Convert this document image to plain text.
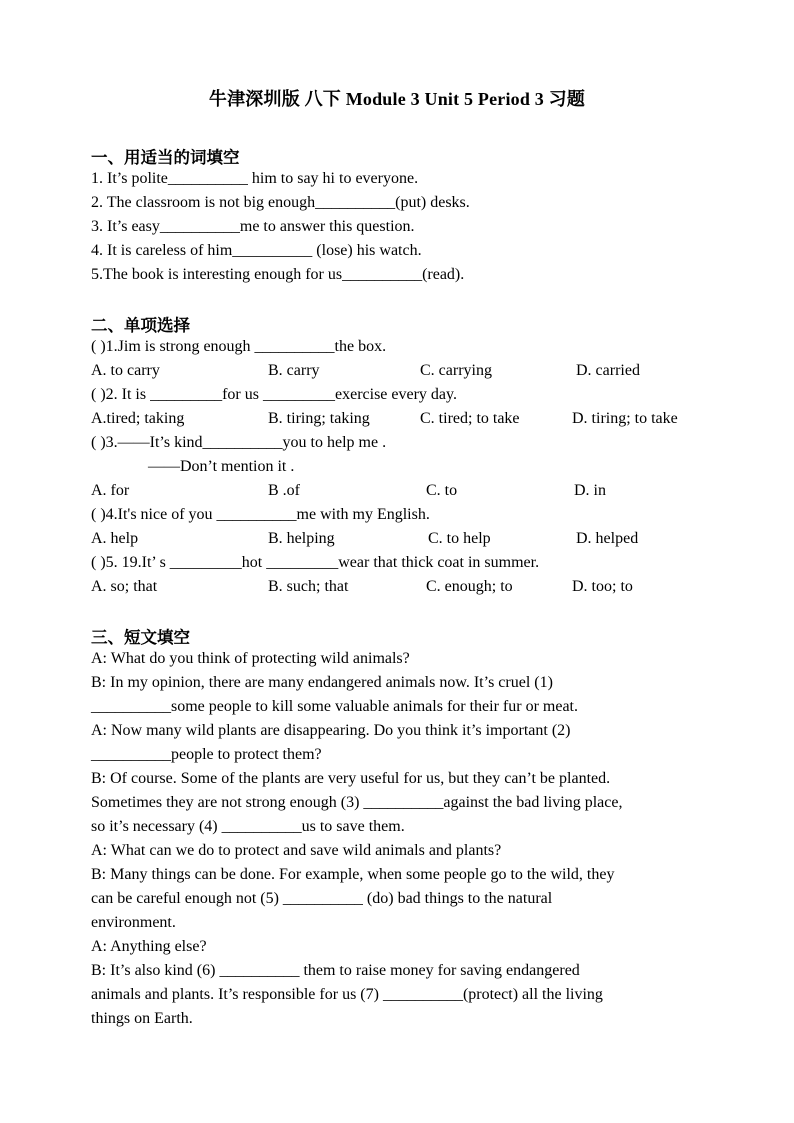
牛津深圳版 八下 Module 3 Unit 5 Period 3 习题
一、用适当的词填空
1. It’s polite__________ him to say hi to everyone.
2. The classroom is not big enough__________(put) desks.
3. It’s easy__________me to answer this question.
4. It is careless of him__________ (lose) his watch.
5.The book is interesting enough for us__________(read).
二、单项选择
( )1.Jim is strong enough __________the box.
A. to carry	B. carry	C. carrying	D. carried
( )2. It is _________for us _________exercise every day.
A.tired; taking	B. tiring; taking	C. tired; to take	D. tiring; to take
( )3.——It’s kind__________you to help me .
——Don’t mention it .
A. for	B .of	C. to	D. in
( )4.It's nice of you __________me with my English.
A. help	B. helping	C. to help	D. helped
( )5. 19.It’ s _________hot _________wear that thick coat in summer.
A. so; that	B. such; that	C. enough; to	D. too; to
三、短文填空
A: What do you think of protecting wild animals?
B: In my opinion, there are many endangered animals now. It’s cruel (1)
__________some people to kill some valuable animals for their fur or meat.
A: Now many wild plants are disappearing. Do you think it’s important (2)
__________people to protect them?
B: Of course. Some of the plants are very useful for us, but they can’t be planted.
Sometimes they are not strong enough (3) __________against the bad living place,
so it’s necessary (4) __________us to save them.
A: What can we do to protect and save wild animals and plants?
B: Many things can be done. For example, when some people go to the wild, they
can be careful enough not (5) __________ (do) bad things to the natural
environment.
A: Anything else?
B: It’s also kind (6) __________ them to raise money for saving endangered
animals and plants. It’s responsible for us (7) __________(protect) all the living
things on Earth.
